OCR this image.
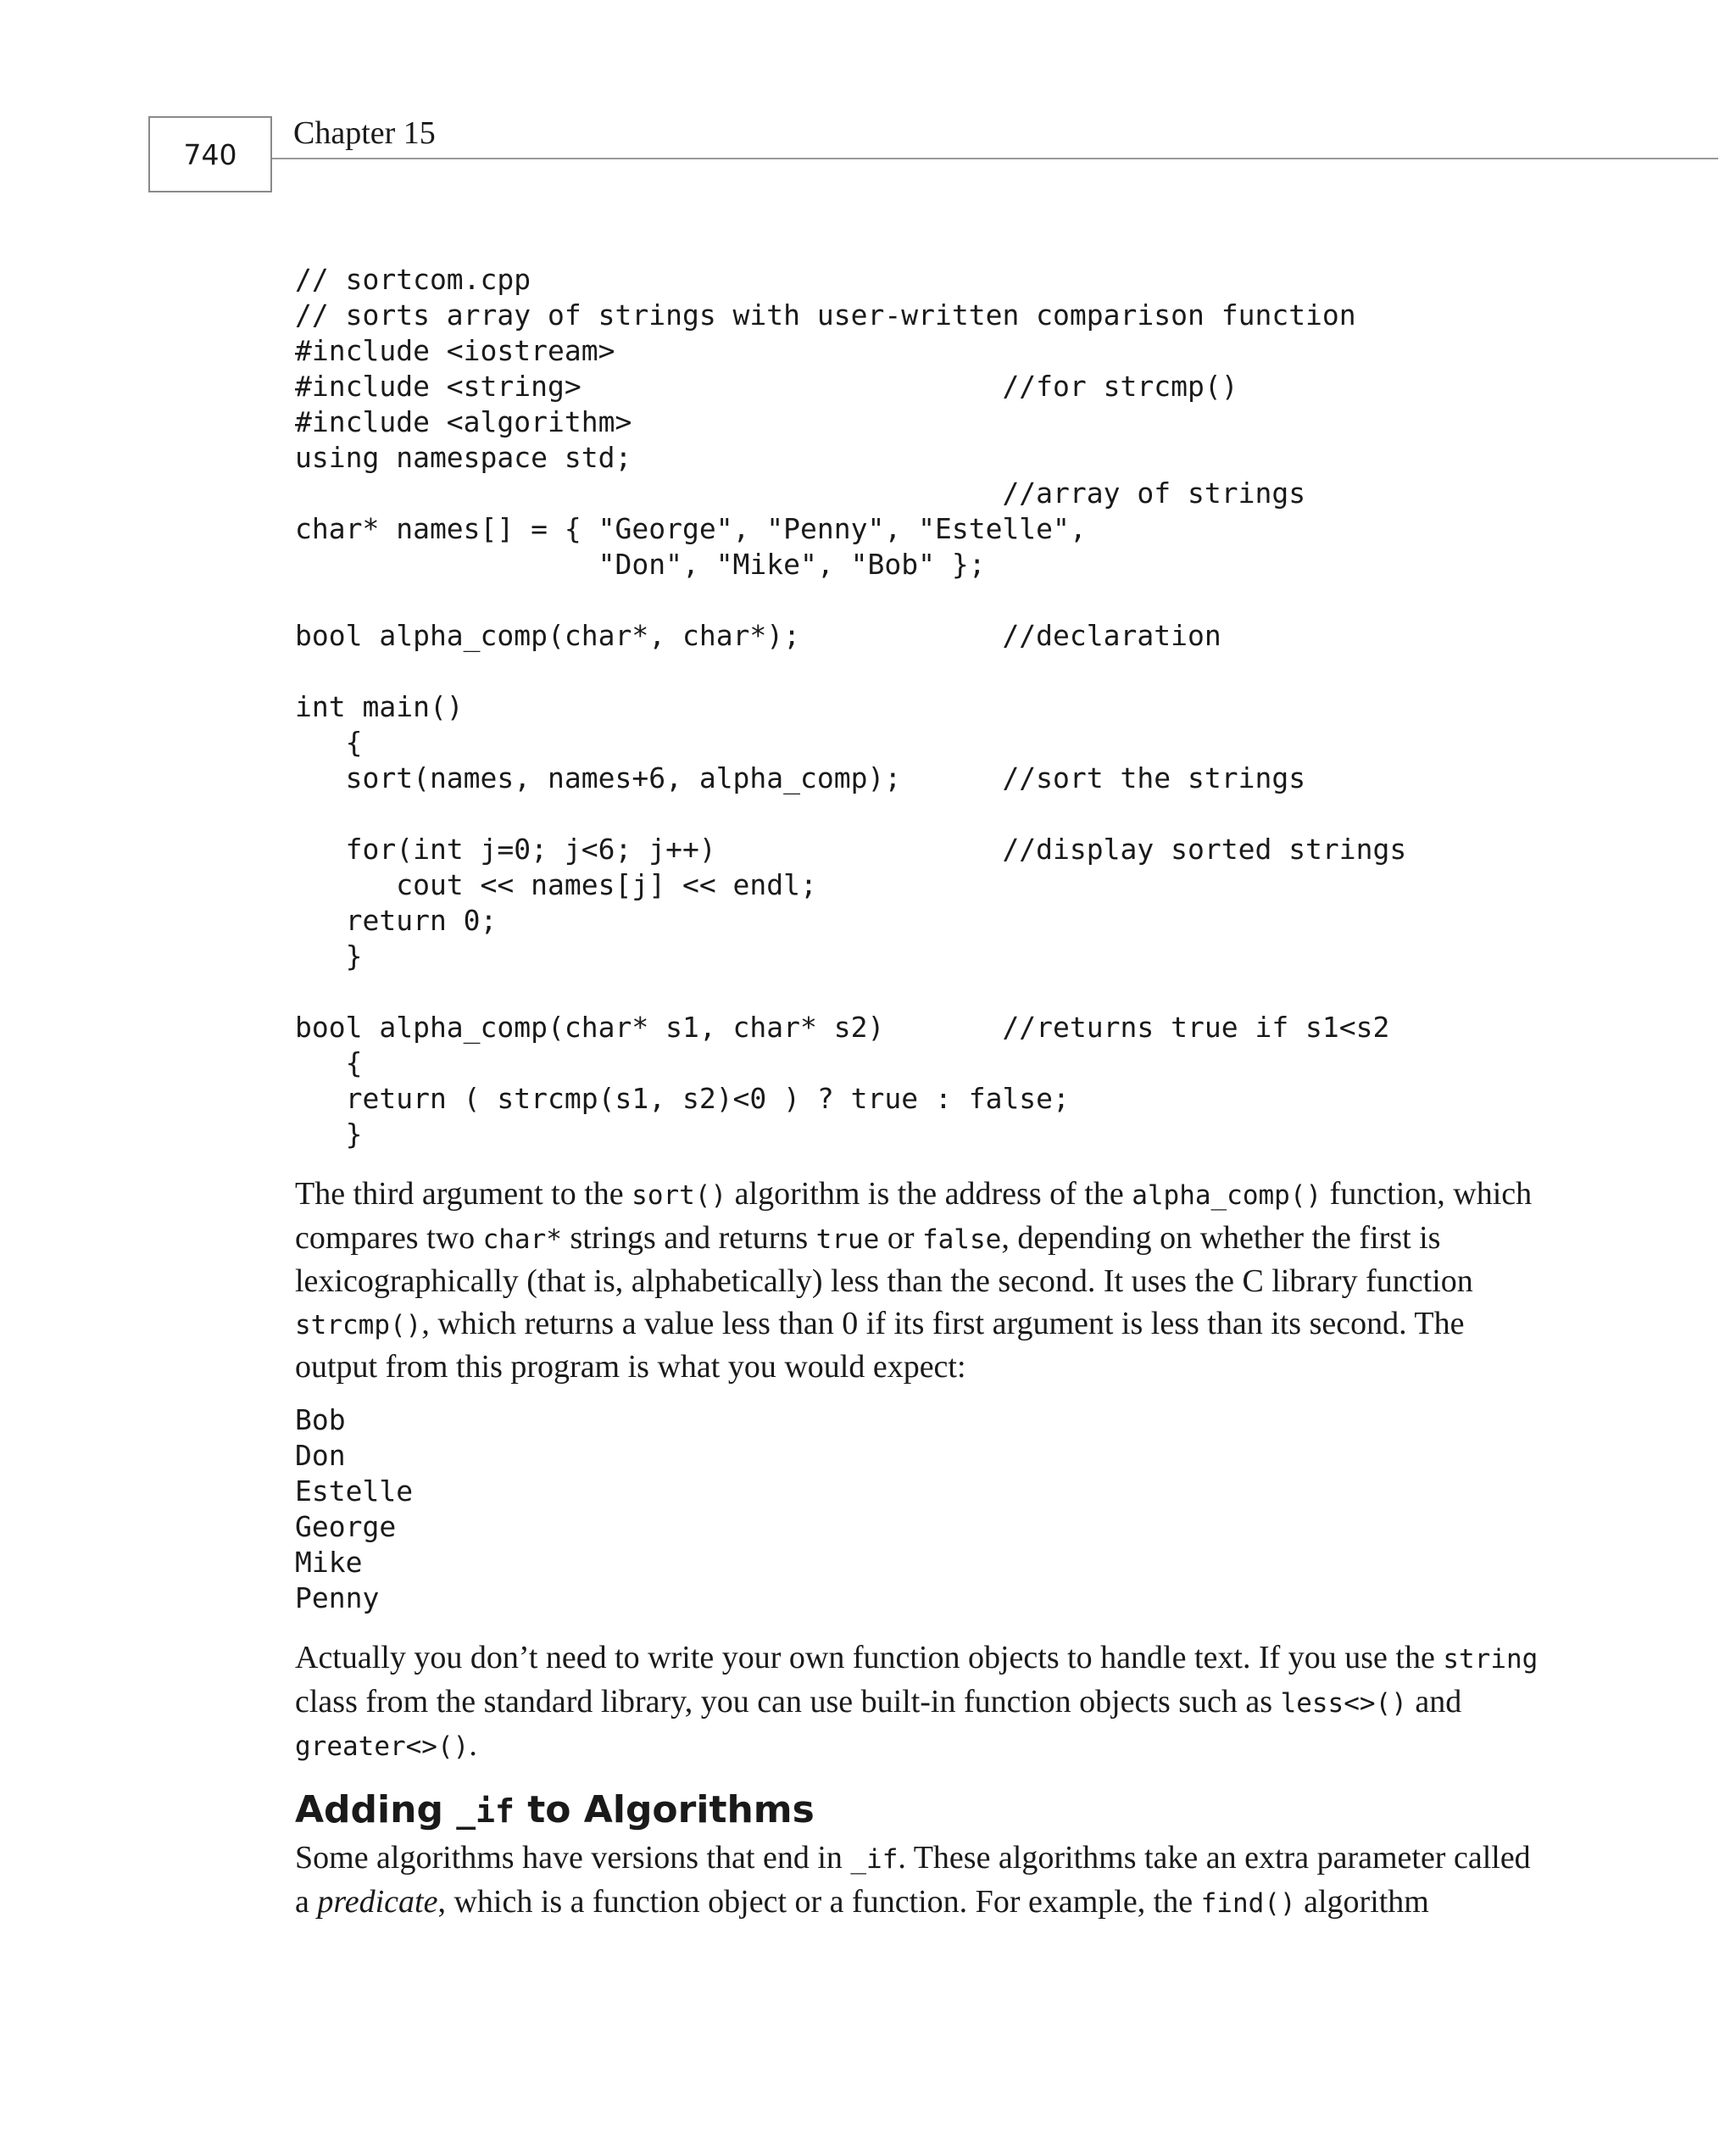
740
Chapter 15
// sortcom.cpp
// sorts array of strings with user-written comparison function
#include <iostream>
#include <string>                         //for strcmp()
#include <algorithm>
using namespace std;
//array of strings
char* names[] = { "George", "Penny", "Estelle",
"Don", "Mike", "Bob" };

bool alpha_comp(char*, char*);            //declaration

int main()
{
sort(names, names+6, alpha_comp);      //sort the strings

for(int j=0; j<6; j++)                 //display sorted strings
cout << names[j] << endl;
return 0;
}

bool alpha_comp(char* s1, char* s2)       //returns true if s1<s2
{
return ( strcmp(s1, s2)<0 ) ? true : false;
}

The third argument to the sort() algorithm is the address of the alpha_comp() function, which compares two char* strings and returns true or false, depending on whether the first is lexicographically (that is, alphabetically) less than the second. It uses the C library function strcmp(), which returns a value less than 0 if its first argument is less than its second. The output from this program is what you would expect:

Bob
Don
Estelle
George
Mike
Penny

Actually you don’t need to write your own function objects to handle text. If you use the string class from the standard library, you can use built-in function objects such as less<>() and greater<>().

Adding _if to Algorithms

Some algorithms have versions that end in _if. These algorithms take an extra parameter called a predicate, which is a function object or a function. For example, the find() algorithm
